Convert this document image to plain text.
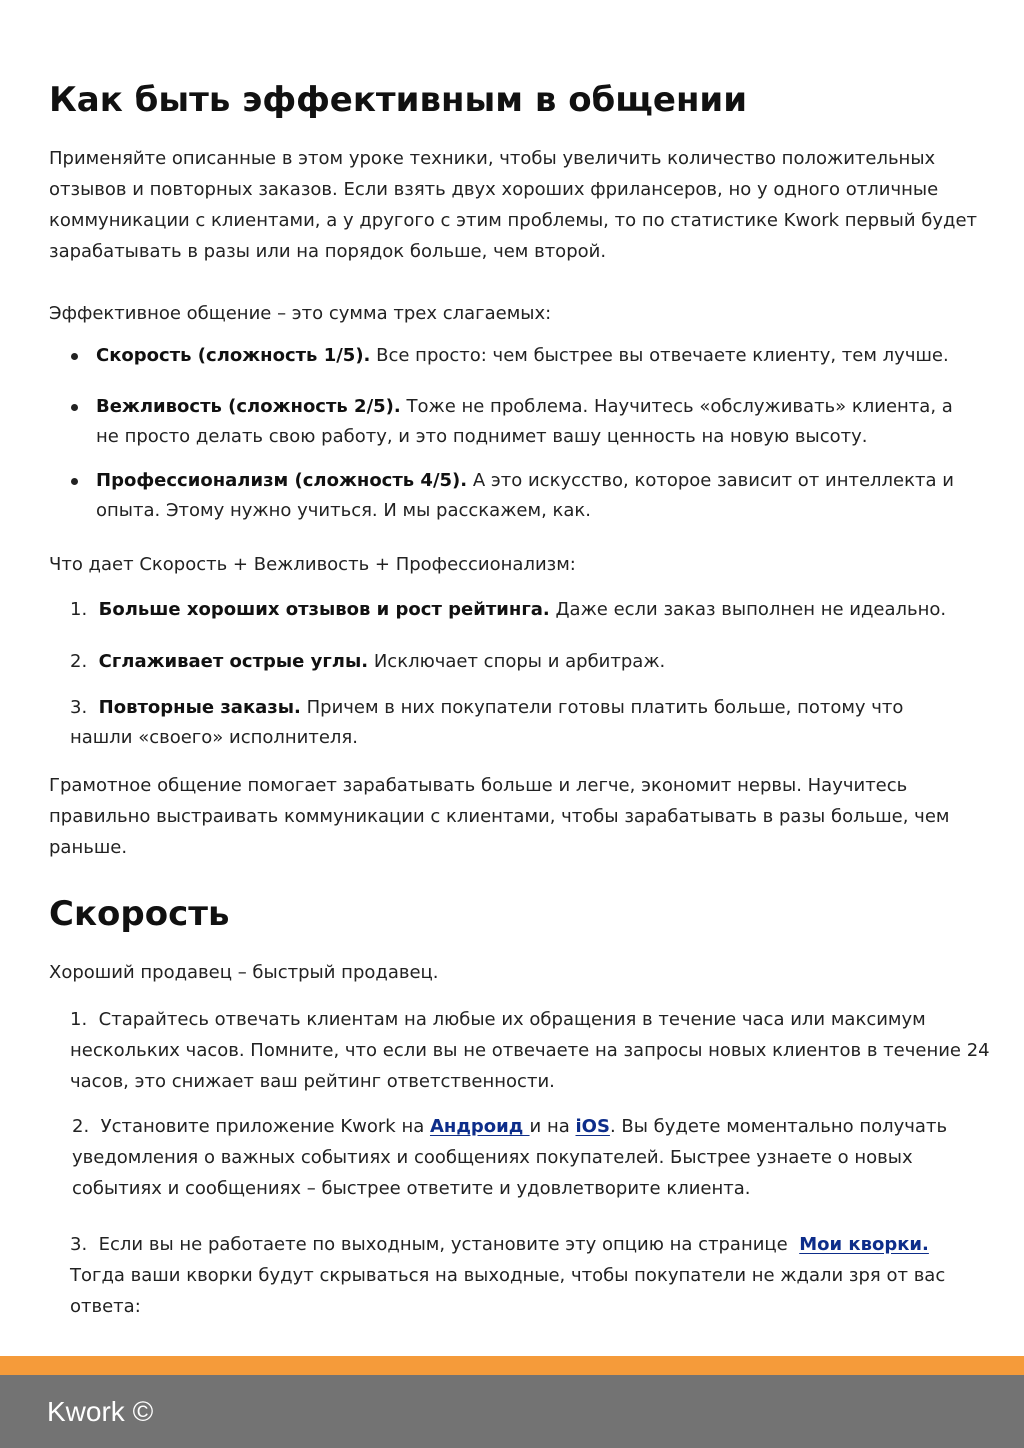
Как быть эффективным в общении

Применяйте описанные в этом уроке техники, чтобы увеличить количество положительных отзывов и повторных заказов. Если взять двух хороших фрилансеров, но у одного отличные коммуникации с клиентами, а у другого с этим проблемы, то по статистике Kwork первый будет зарабатывать в разы или на порядок больше, чем второй.

Эффективное общение – это сумма трех слагаемых:

Скорость (сложность 1/5). Все просто: чем быстрее вы отвечаете клиенту, тем лучше.

Вежливость (сложность 2/5). Тоже не проблема. Научитесь «обслуживать» клиента, а не просто делать свою работу, и это поднимет вашу ценность на новую высоту.

Профессионализм (сложность 4/5). А это искусство, которое зависит от интеллекта и опыта. Этому нужно учиться. И мы расскажем, как.

Что дает Скорость + Вежливость + Профессионализм:

1. Больше хороших отзывов и рост рейтинга. Даже если заказ выполнен не идеально.

2. Сглаживает острые углы. Исключает споры и арбитраж.

3. Повторные заказы. Причем в них покупатели готовы платить больше, потому что нашли «своего» исполнителя.

Грамотное общение помогает зарабатывать больше и легче, экономит нервы. Научитесь правильно выстраивать коммуникации с клиентами, чтобы зарабатывать в разы больше, чем раньше.

Скорость

Хороший продавец – быстрый продавец.

1. Старайтесь отвечать клиентам на любые их обращения в течение часа или максимум нескольких часов. Помните, что если вы не отвечаете на запросы новых клиентов в течение 24 часов, это снижает ваш рейтинг ответственности.

2. Установите приложение Kwork на Андроид и на iOS. Вы будете моментально получать уведомления о важных событиях и сообщениях покупателей. Быстрее узнаете о новых событиях и сообщениях – быстрее ответите и удовлетворите клиента.

3. Если вы не работаете по выходным, установите эту опцию на странице  Мои кворки.
Тогда ваши кворки будут скрываться на выходные, чтобы покупатели не ждали зря от вас ответа:

Kwork ©
